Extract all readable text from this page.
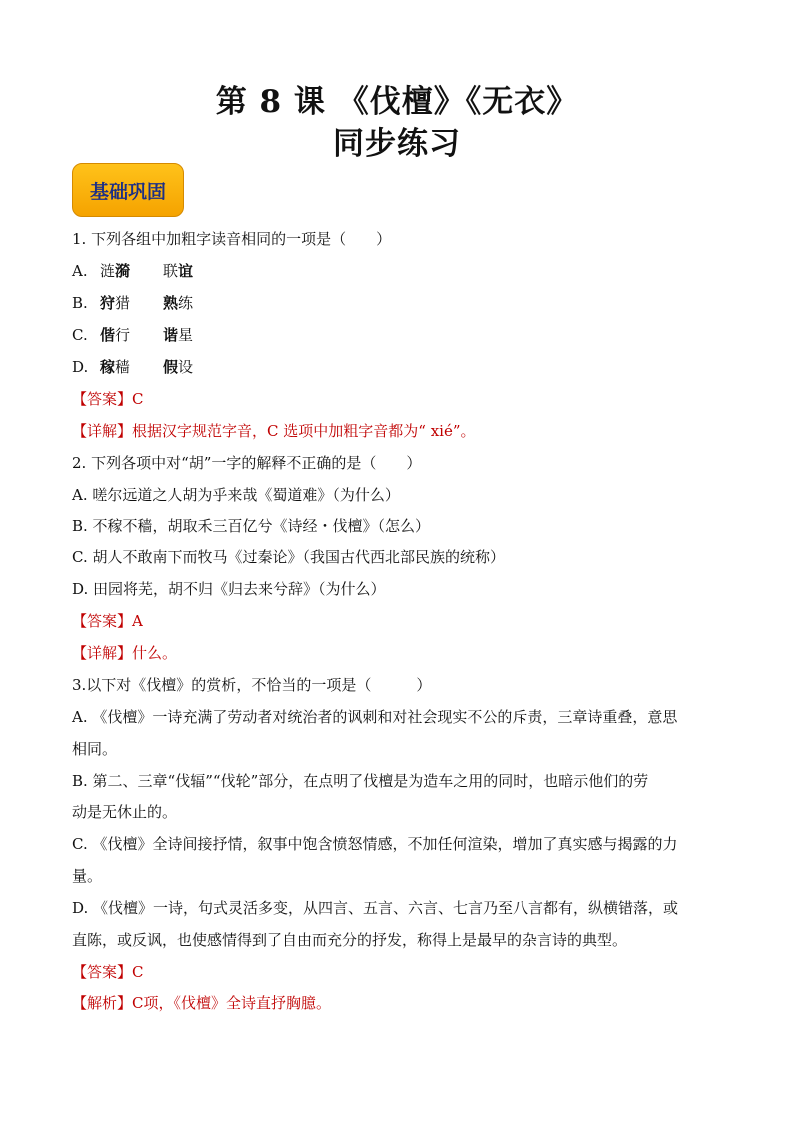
第 8 课 《伐檀》《无衣》
同步练习
基础巩固
1. 下列各组中加粗字读音相同的一项是（　　）
A. 涟漪 联谊
B. 狩猎 熟练
C. 偕行 谐星
D. 稼穑 假设
【答案】C
【详解】根据汉字规范字音，C 选项中加粗字音都为“ xié”。
2. 下列各项中对“胡”一字的解释不正确的是（　　）
A. 嗟尔远道之人胡为乎来哉《蜀道难》（为什么）
B. 不稼不穑，胡取禾三百亿兮《诗经・伐檀》（怎么）
C. 胡人不敢南下而牧马《过秦论》（我国古代西北部民族的统称）
D. 田园将芜，胡不归《归去来兮辞》（为什么）
【答案】A
【详解】什么。
3.以下对《伐檀》的赏析，不恰当的一项是（　　　）
A. 《伐檀》一诗充满了劳动者对统治者的讽刺和对社会现实不公的斥责，三章诗重叠，意思
相同。
B. 第二、三章“伐辐”“伐轮”部分，在点明了伐檀是为造车之用的同时，也暗示他们的劳
动是无休止的。
C. 《伐檀》全诗间接抒情，叙事中饱含愤怒情感，不加任何渲染，增加了真实感与揭露的力
量。
D. 《伐檀》一诗，句式灵活多变，从四言、五言、六言、七言乃至八言都有，纵横错落，或
直陈，或反讽，也使感情得到了自由而充分的抒发，称得上是最早的杂言诗的典型。
【答案】C
【解析】C项，《伐檀》全诗直抒胸臆。
